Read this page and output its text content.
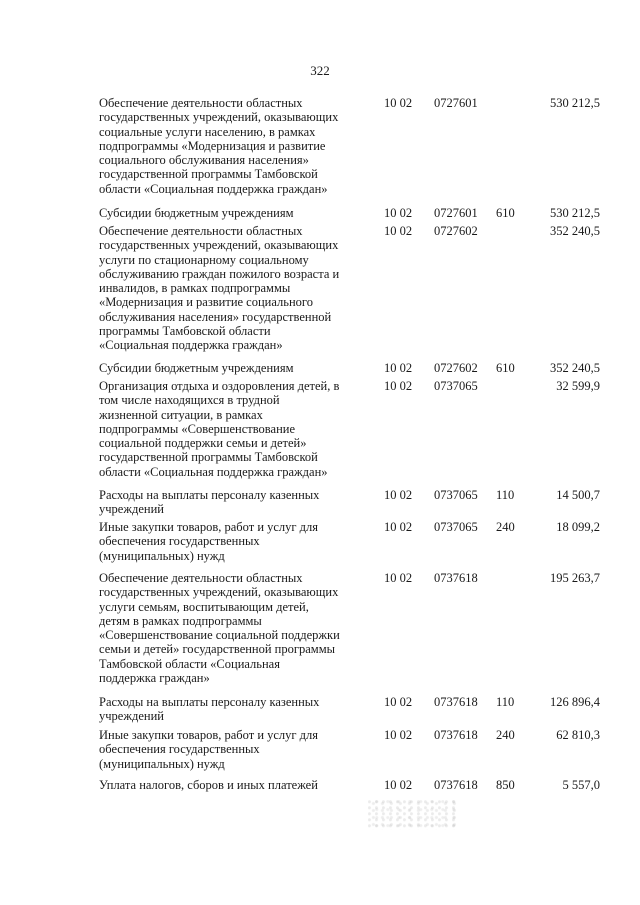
322
Обеспечение деятельности областных
государственных учреждений, оказывающих
социальные услуги населению, в рамках
подпрограммы «Модернизация и развитие
социального обслуживания населения»
государственной программы Тамбовской
области «Социальная поддержка граждан»
10 02	0727601	530 212,5
Субсидии бюджетным учреждениям	10 02	0727601	610	530 212,5
Обеспечение деятельности областных
государственных учреждений, оказывающих
услуги по стационарному социальному
обслуживанию граждан пожилого возраста и
инвалидов, в рамках подпрограммы
«Модернизация и развитие социального
обслуживания населения» государственной
программы Тамбовской области
«Социальная поддержка граждан»
10 02	0727602	352 240,5
Субсидии бюджетным учреждениям	10 02	0727602	610	352 240,5
Организация отдыха и оздоровления детей, в
том числе находящихся в трудной
жизненной ситуации, в рамках
подпрограммы «Совершенствование
социальной поддержки семьи и детей»
государственной программы Тамбовской
области «Социальная поддержка граждан»
10 02	0737065	32 599,9
Расходы на выплаты персоналу казенных
учреждений
10 02	0737065	110	14 500,7
Иные закупки товаров, работ и услуг для
обеспечения государственных
(муниципальных) нужд
10 02	0737065	240	18 099,2
Обеспечение деятельности областных
государственных учреждений, оказывающих
услуги семьям, воспитывающим детей,
детям в рамках подпрограммы
«Совершенствование социальной поддержки
семьи и детей» государственной программы
Тамбовской области «Социальная
поддержка граждан»
10 02	0737618	195 263,7
Расходы на выплаты персоналу казенных
учреждений
10 02	0737618	110	126 896,4
Иные закупки товаров, работ и услуг для
обеспечения государственных
(муниципальных) нужд
10 02	0737618	240	62 810,3
Уплата налогов, сборов и иных платежей	10 02	0737618	850	5 557,0
